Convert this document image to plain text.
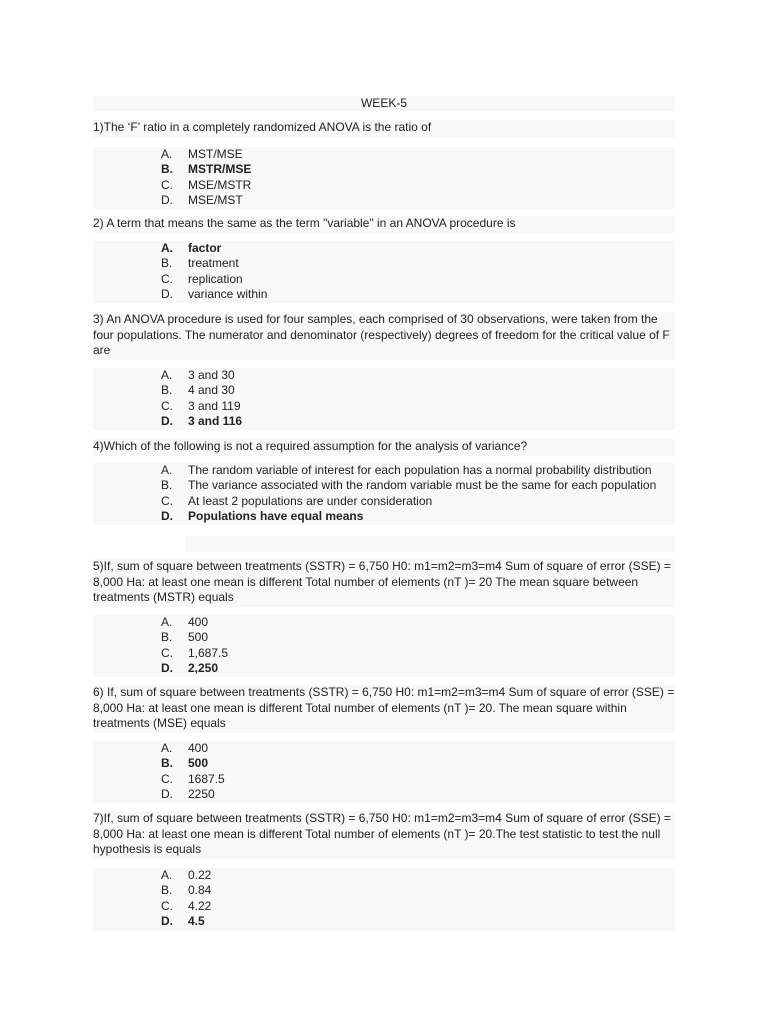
WEEK-5
1)The ‘F’ ratio in a completely randomized ANOVA is the ratio of
A. MST/MSE
B. MSTR/MSE
C. MSE/MSTR
D. MSE/MST
2) A term that means the same as the term "variable" in an ANOVA procedure is
A. factor
B. treatment
C. replication
D. variance within
3) An ANOVA procedure is used for four samples, each comprised of 30 observations, were taken from the four populations. The numerator and denominator (respectively) degrees of freedom for the critical value of F are
A. 3 and 30
B. 4 and 30
C. 3 and 119
D. 3 and 116
4)Which of the following is not a required assumption for the analysis of variance?
A. The random variable of interest for each population has a normal probability distribution
B. The variance associated with the random variable must be the same for each population
C. At least 2 populations are under consideration
D. Populations have equal means
5)If, sum of square between treatments (SSTR) = 6,750 H0: m1=m2=m3=m4 Sum of square of error (SSE) = 8,000 Ha: at least one mean is different Total number of elements (nT )= 20 The mean square between treatments (MSTR) equals
A. 400
B. 500
C. 1,687.5
D. 2,250
6) If, sum of square between treatments (SSTR) = 6,750 H0: m1=m2=m3=m4 Sum of square of error (SSE) = 8,000 Ha: at least one mean is different Total number of elements (nT )= 20. The mean square within treatments (MSE) equals
A. 400
B. 500
C. 1687.5
D. 2250
7)If, sum of square between treatments (SSTR) = 6,750 H0: m1=m2=m3=m4 Sum of square of error (SSE) = 8,000 Ha: at least one mean is different Total number of elements (nT )= 20.The test statistic to test the null hypothesis is equals
A. 0.22
B. 0.84
C. 4.22
D. 4.5
